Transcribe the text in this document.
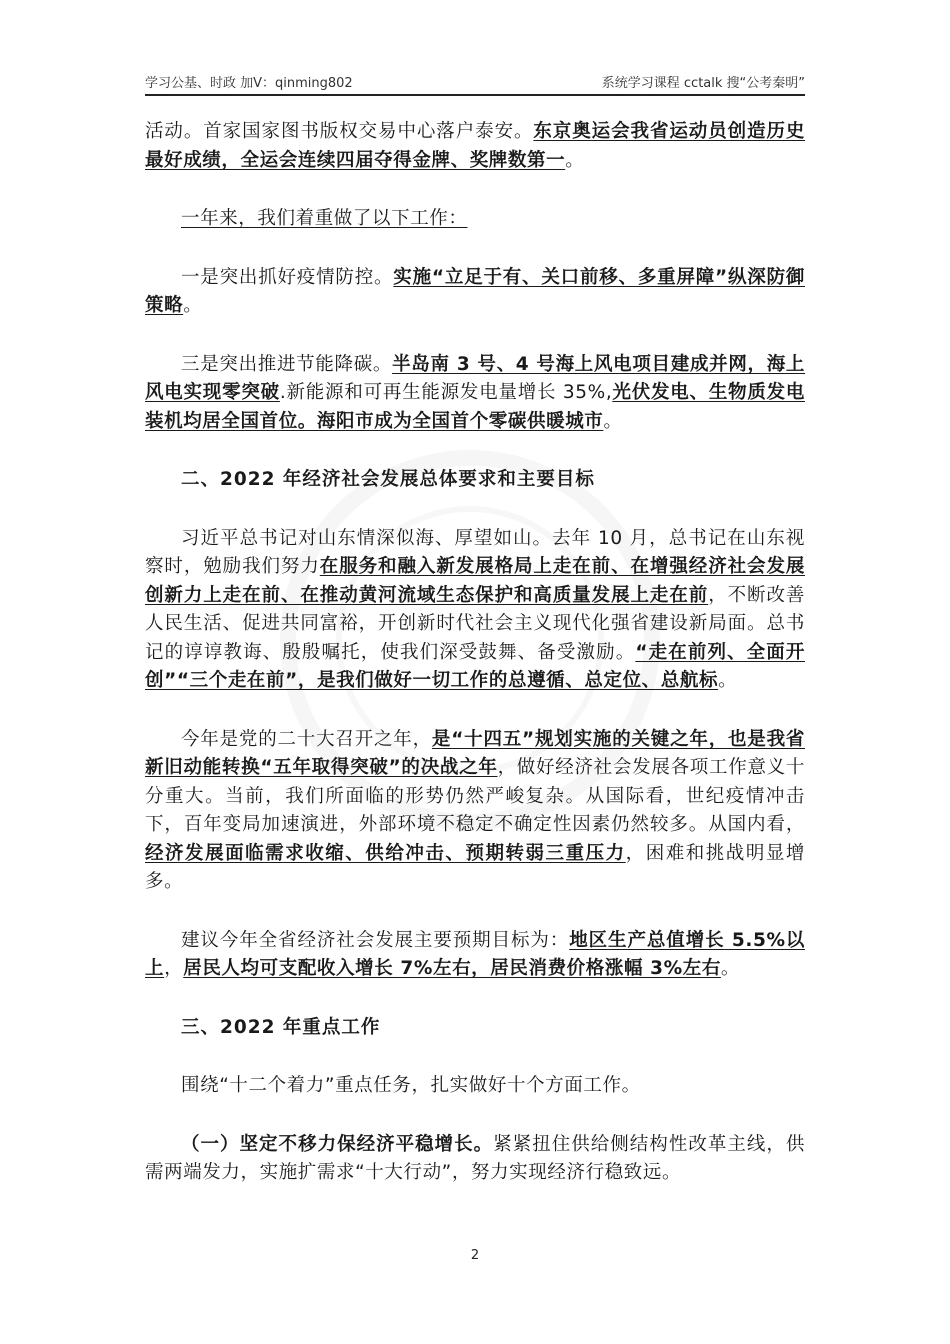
学习公基、时政 加V：qinming802	系统学习课程 cctalk 搜“公考秦明”

活动。首家国家图书版权交易中心落户泰安。东京奥运会我省运动员创造历史最好成绩，全运会连续四届夺得金牌、奖牌数第一。

一年来，我们着重做了以下工作：

一是突出抓好疫情防控。实施“立足于有、关口前移、多重屏障”纵深防御策略。

三是突出推进节能降碳。半岛南 3 号、4 号海上风电项目建成并网，海上风电实现零突破.新能源和可再生能源发电量增长 35%,光伏发电、生物质发电装机均居全国首位。海阳市成为全国首个零碳供暖城市。

二、2022 年经济社会发展总体要求和主要目标

习近平总书记对山东情深似海、厚望如山。去年 10 月，总书记在山东视察时，勉励我们努力在服务和融入新发展格局上走在前、在增强经济社会发展创新力上走在前、在推动黄河流域生态保护和高质量发展上走在前，不断改善人民生活、促进共同富裕，开创新时代社会主义现代化强省建设新局面。总书记的谆谆教诲、殷殷嘱托，使我们深受鼓舞、备受激励。“走在前列、全面开创”“三个走在前”，是我们做好一切工作的总遵循、总定位、总航标。

今年是党的二十大召开之年，是“十四五”规划实施的关键之年，也是我省新旧动能转换“五年取得突破”的决战之年，做好经济社会发展各项工作意义十分重大。当前，我们所面临的形势仍然严峻复杂。从国际看，世纪疫情冲击下，百年变局加速演进，外部环境不稳定不确定性因素仍然较多。从国内看，经济发展面临需求收缩、供给冲击、预期转弱三重压力，困难和挑战明显增多。

建议今年全省经济社会发展主要预期目标为：地区生产总值增长 5.5%以上，居民人均可支配收入增长 7%左右，居民消费价格涨幅 3%左右。

三、2022 年重点工作

围绕“十二个着力”重点任务，扎实做好十个方面工作。

（一）坚定不移力保经济平稳增长。紧紧扭住供给侧结构性改革主线，供需两端发力，实施扩需求“十大行动”，努力实现经济行稳致远。

2
